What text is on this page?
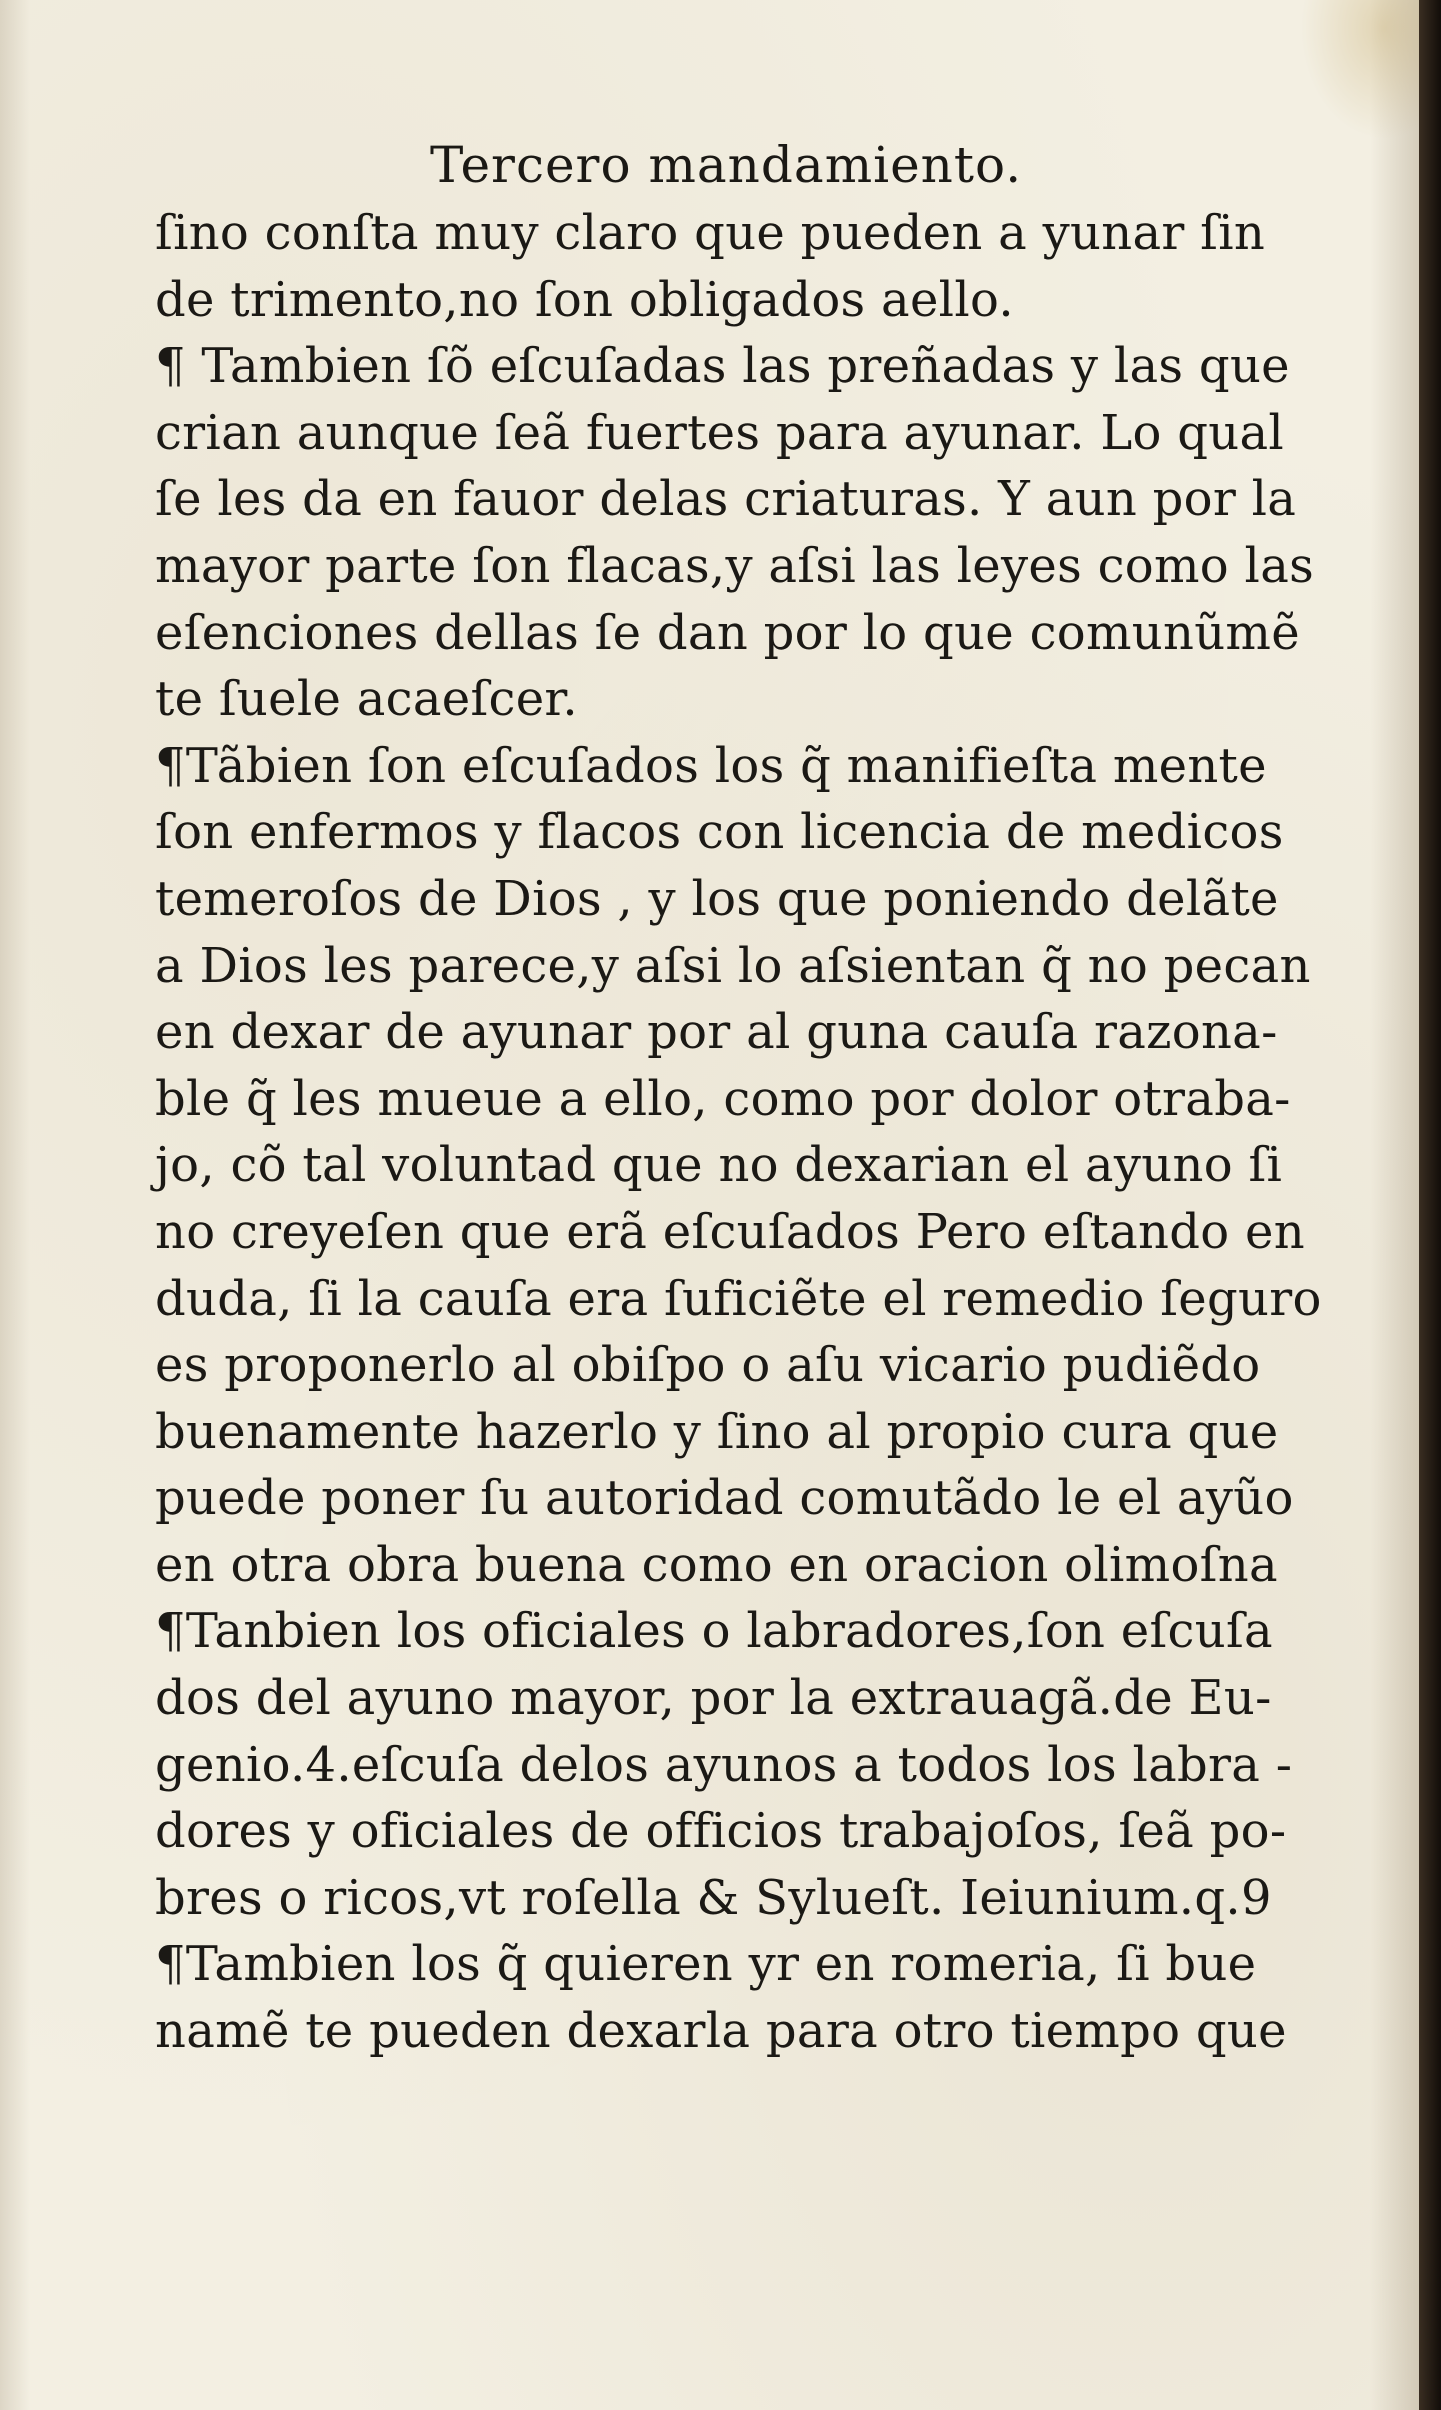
Tercero mandamiento.
ſino conſta muy claro que pueden a yunar ſin
de trimento,no ſon obligados aello.
¶ Tambien ſõ eſcuſadas las preñadas y las que
crian aunque ſeã fuertes para ayunar. Lo qual
ſe les da en fauor delas criaturas. Y aun por la
mayor parte ſon flacas,y aſsi las leyes como las
eſenciones dellas ſe dan por lo que comunũmẽ
te ſuele acaeſcer.
¶Tãbien ſon eſcuſados los q̃ manifieſta mente
ſon enfermos y flacos con licencia de medicos
temeroſos de Dios , y los que poniendo delãte
a Dios les parece,y aſsi lo aſsientan q̃ no pecan
en dexar de ayunar por al guna cauſa razona-
ble q̃ les mueue a ello, como por dolor otraba-
jo, cõ tal voluntad que no dexarian el ayuno ſi
no creyeſen que erã eſcuſados Pero eſtando en
duda, ſi la cauſa era ſuficiẽte el remedio ſeguro
es proponerlo al obiſpo o aſu vicario pudiẽdo
buenamente hazerlo y ſino al propio cura que
puede poner ſu autoridad comutãdo le el ayũo
en otra obra buena como en oracion olimoſna
¶Tanbien los oficiales o labradores,ſon eſcuſa
dos del ayuno mayor, por la extrauagã.de Eu-
genio.4.eſcuſa delos ayunos a todos los labra -
dores y oficiales de officios trabajoſos, ſeã po-
bres o ricos,vt roſella & Sylueſt. Ieiunium.q.9
¶Tambien los q̃ quieren yr en romeria, ſi bue
namẽ te pueden dexarla para otro tiempo que
